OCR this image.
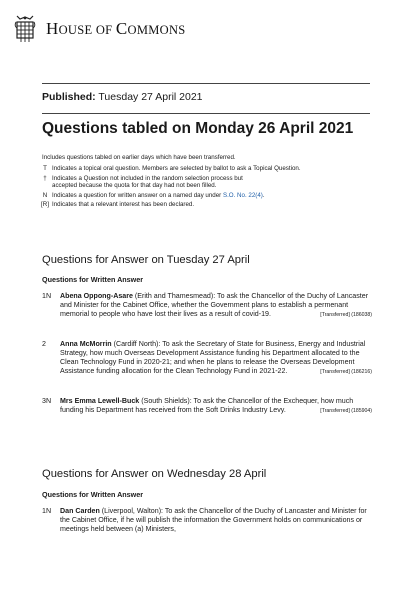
HOUSE OF COMMONS
Published: Tuesday 27 April 2021
Questions tabled on Monday 26 April 2021
Includes questions tabled on earlier days which have been transferred.
T Indicates a topical oral question. Members are selected by ballot to ask a Topical Question.
† Indicates a Question not included in the random selection process but accepted because the quota for that day had not been filled.
N Indicates a question for written answer on a named day under S.O. No. 22(4).
[R] Indicates that a relevant interest has been declared.
Questions for Answer on Tuesday 27 April
Questions for Written Answer
1N	Abena Oppong-Asare (Erith and Thamesmead): To ask the Chancellor of the Duchy of Lancaster and Minister for the Cabinet Office, whether the Government plans to establish a permenant memorial to people who have lost their lives as a result of covid-19.	[Transferred] (186038)
2	Anna McMorrin (Cardiff North): To ask the Secretary of State for Business, Energy and Industrial Strategy, how much Overseas Development Assistance funding his Department allocated to the Clean Technology Fund in 2020-21; and when he plans to release the Overseas Development Assistance funding allocation for the Clean Technology Fund in 2021-22.	[Transferred] (186216)
3N	Mrs Emma Lewell-Buck (South Shields): To ask the Chancellor of the Exchequer, how much funding his Department has received from the Soft Drinks Industry Levy.	[Transferred] (185904)
Questions for Answer on Wednesday 28 April
Questions for Written Answer
1N	Dan Carden (Liverpool, Walton): To ask the Chancellor of the Duchy of Lancaster and Minister for the Cabinet Office, if he will publish the information the Government holds on communications or meetings held between (a) Ministers,
